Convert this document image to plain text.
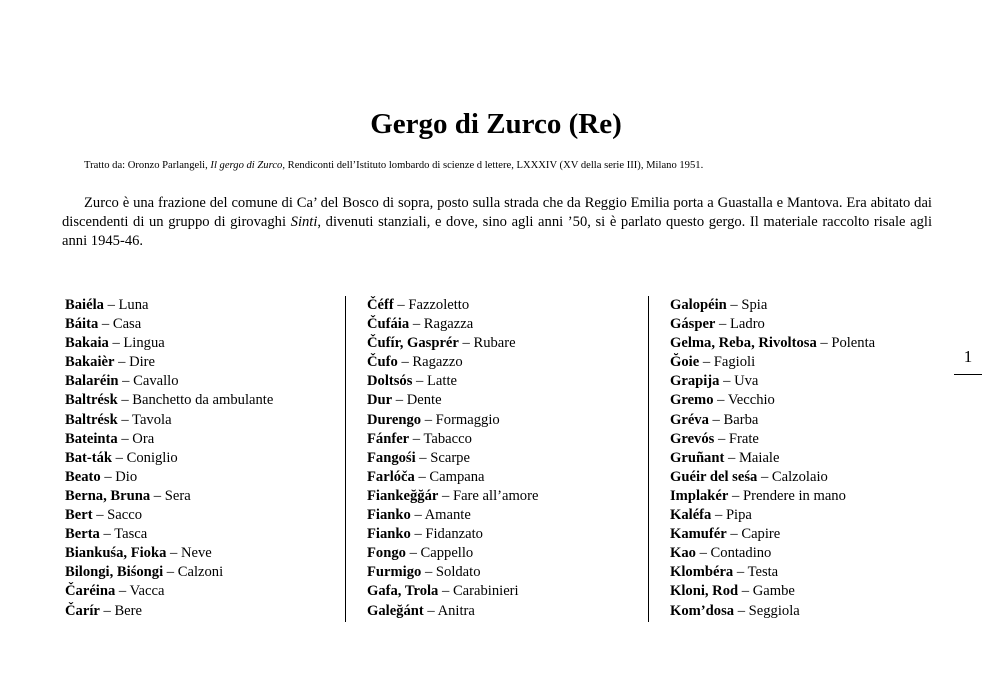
Gergo di Zurco (Re)
Tratto da: Oronzo Parlangeli, Il gergo di Zurco, Rendiconti dell’Istituto lombardo di scienze d lettere, LXXXIV (XV della serie III), Milano 1951.
Zurco è una frazione del comune di Ca’ del Bosco di sopra, posto sulla strada che da Reggio Emilia porta a Guastalla e Mantova. Era abitato dai discendenti di un gruppo di girovaghi Sinti, divenuti stanziali, e dove, sino agli anni ’50, si è parlato questo gergo. Il materiale raccolto risale agli anni 1945-46.
Baiéla – Luna
Báita – Casa
Bakaia – Lingua
Bakaièr – Dire
Balaréin – Cavallo
Baltrésk – Banchetto da ambulante
Baltrésk – Tavola
Bateinta – Ora
Bat-ták – Coniglio
Beato – Dio
Berna, Bruna – Sera
Bert – Sacco
Berta – Tasca
Biankuśa, Fioka – Neve
Bilongi, Biśongi – Calzoni
Čaréina – Vacca
Čarír – Bere
Čéff – Fazzoletto
Čufáia – Ragazza
Čufír, Gasprér – Rubare
Čufo – Ragazzo
Doltsós – Latte
Dur – Dente
Durengo – Formaggio
Fánfer – Tabacco
Fangośi – Scarpe
Farlóča – Campana
Fiankeğğár – Fare all’amore
Fianko – Amante
Fianko – Fidanzato
Fongo – Cappello
Furmigo – Soldato
Gafa, Trola – Carabinieri
Galeğánt – Anitra
Galopéin – Spia
Gásper – Ladro
Gelma, Reba, Rivoltosa – Polenta
Ğoie – Fagioli
Grapija – Uva
Gremo – Vecchio
Gréva – Barba
Grevós – Frate
Gruñant – Maiale
Guéir del seśa – Calzolaio
Implakér – Prendere in mano
Kaléfa – Pipa
Kamufér – Capire
Kao – Contadino
Klombéra – Testa
Kloni, Rod – Gambe
Kom’dosa – Seggiola
1
